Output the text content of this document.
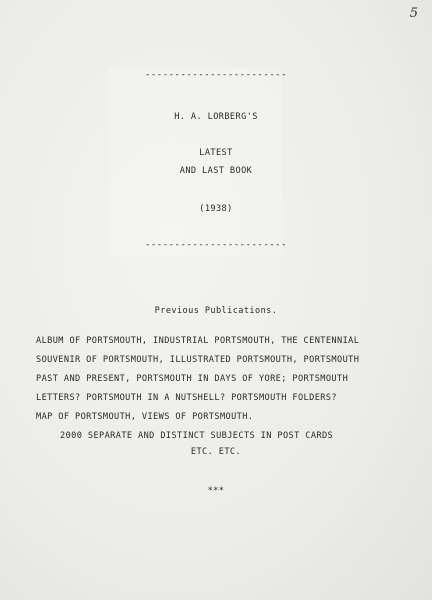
5
------------------------
H. A. LORBERG'S
LATEST
AND LAST BOOK
(1938)
------------------------
Previous Publications.
ALBUM OF PORTSMOUTH, INDUSTRIAL PORTSMOUTH, THE CENTENNIAL
SOUVENIR OF PORTSMOUTH, ILLUSTRATED PORTSMOUTH, PORTSMOUTH
PAST AND PRESENT, PORTSMOUTH IN DAYS OF YORE; PORTSMOUTH
LETTERS? PORTSMOUTH IN A NUTSHELL? PORTSMOUTH FOLDERS?
MAP OF PORTSMOUTH, VIEWS OF PORTSMOUTH.
2000 SEPARATE AND DISTINCT SUBJECTS IN POST CARDS
ETC. ETC.
***
